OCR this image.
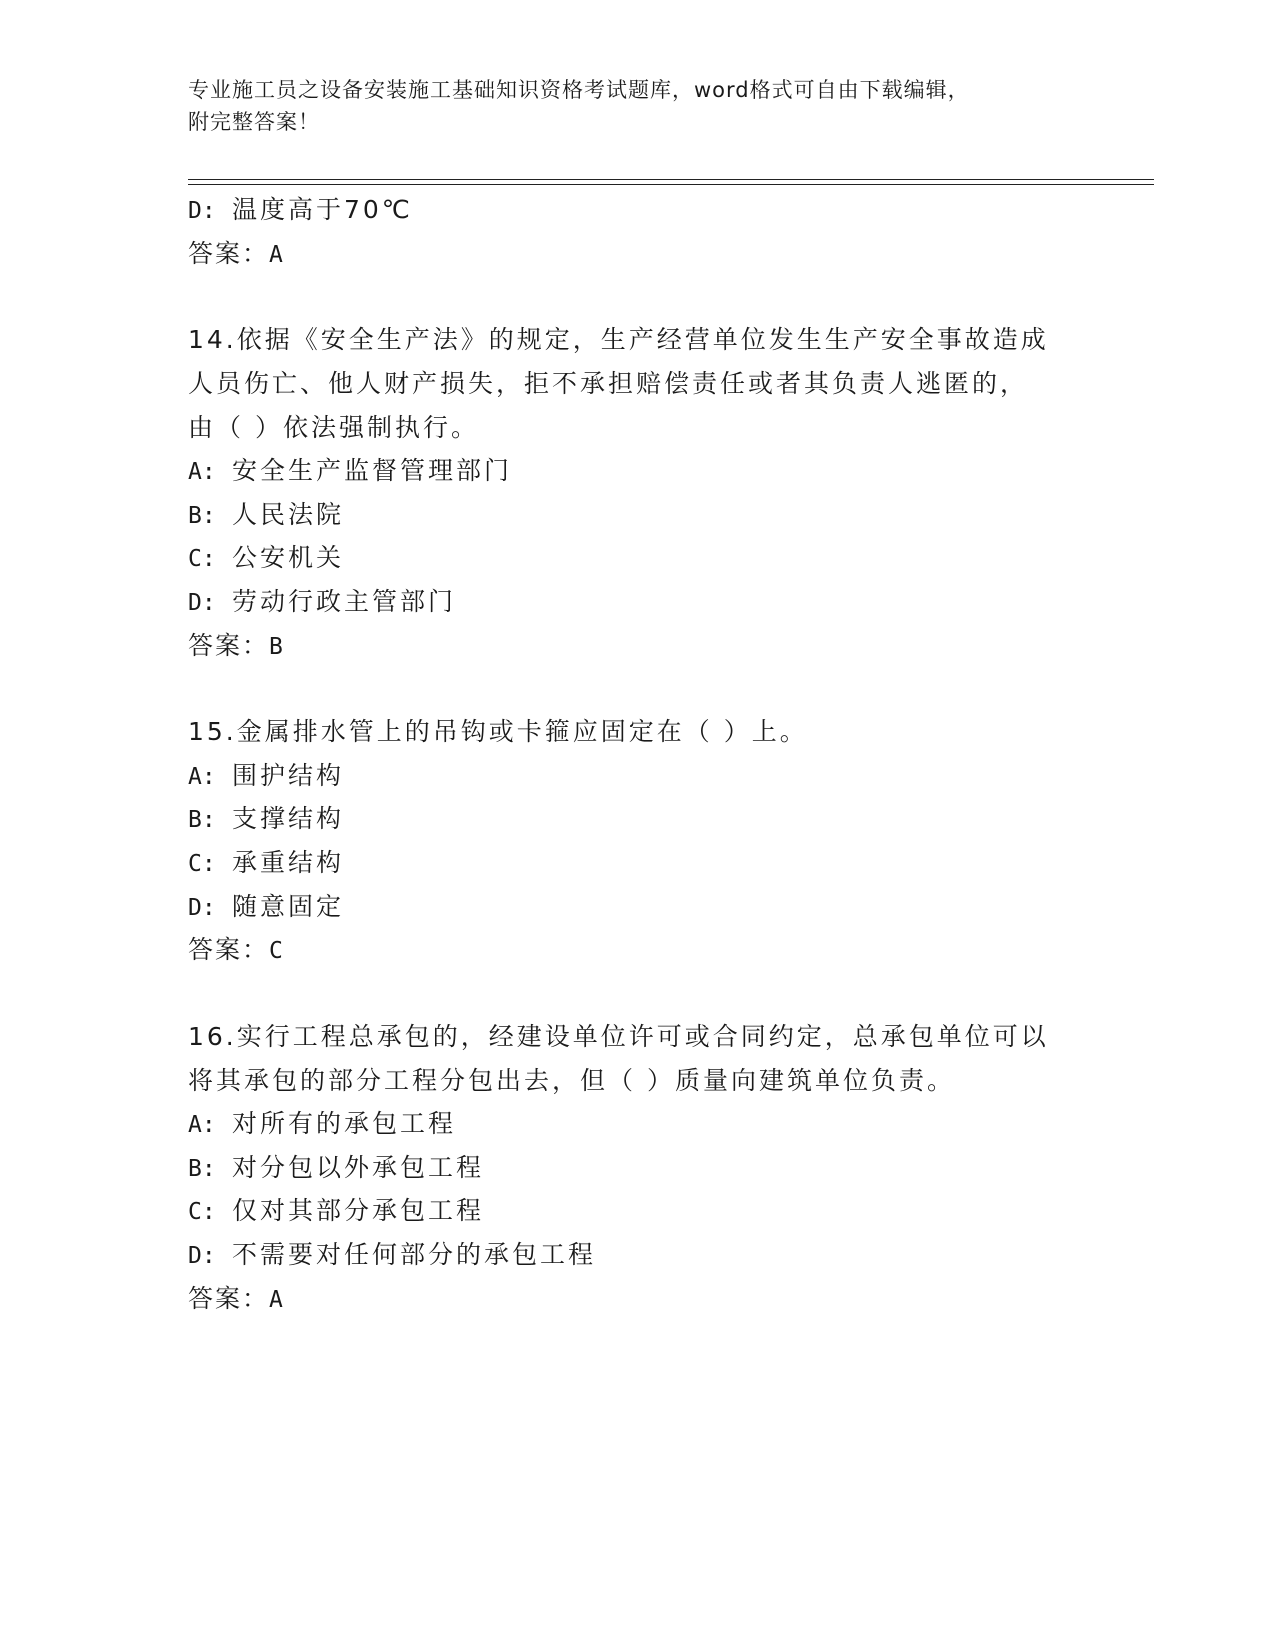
专业施工员之设备安装施工基础知识资格考试题库，word格式可自由下载编辑，
附完整答案！
D: 温度高于70℃
答案：A
14.依据《安全生产法》的规定，生产经营单位发生生产安全事故造成
人员伤亡、他人财产损失，拒不承担赔偿责任或者其负责人逃匿的，
由（ ）依法强制执行。
A: 安全生产监督管理部门
B: 人民法院
C: 公安机关
D: 劳动行政主管部门
答案：B
15.金属排水管上的吊钩或卡箍应固定在（ ）上。
A: 围护结构
B: 支撑结构
C: 承重结构
D: 随意固定
答案：C
16.实行工程总承包的，经建设单位许可或合同约定，总承包单位可以
将其承包的部分工程分包出去，但（ ）质量向建筑单位负责。
A: 对所有的承包工程
B: 对分包以外承包工程
C: 仅对其部分承包工程
D: 不需要对任何部分的承包工程
答案：A
